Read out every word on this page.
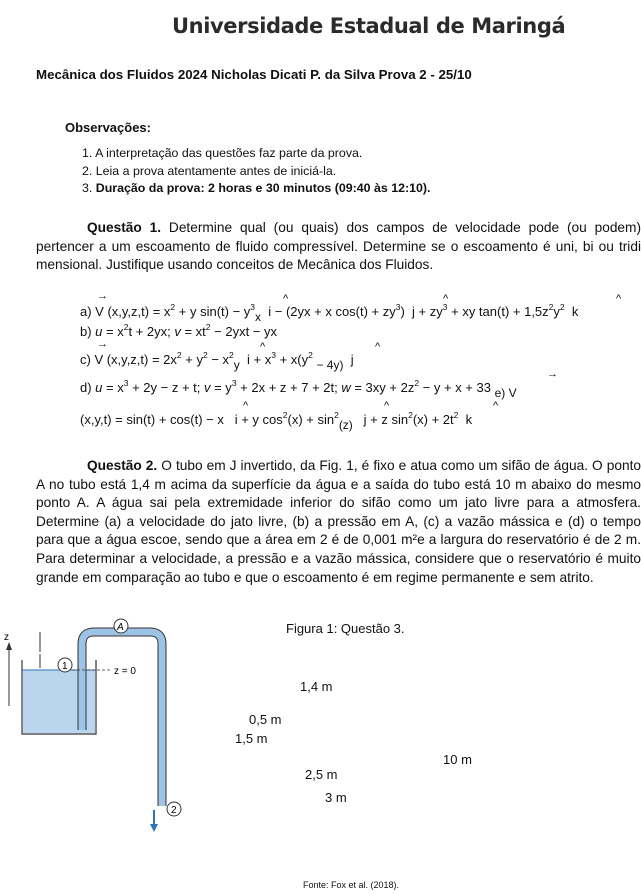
Universidade Estadual de Maringá
Mecânica dos Fluidos 2024 Nicholas Dicati P. da Silva Prova 2 - 25/10
Observações:
1. A interpretação das questões faz parte da prova.
2. Leia a prova atentamente antes de iniciá-la.
3. Duração da prova: 2 horas e 30 minutos (09:40 às 12:10).

Questão 1. Determine qual (ou quais) dos campos de velocidade pode (ou podem) pertencer a um escoamento de fluido compressível. Determine se o escoamento é uni, bi ou tridi mensional. Justifique usando conceitos de Mecânica dos Fluidos.

a) V $(x,y,z,t) = x^2 + y$ $\sin(t) - y^3x$  i − (2yx + x $\cos(t) + zy^3$)  $j + zy^3$ + xy $\tan(t) + 1,5z^2y^2$  k
→	^	^	^
b) $u = x^2t + 2yx$; $v = xt^2 - 2yxt$ − yx
c) V $(x,y,z,t) = 2x^2 + y^2 - x^2y$  $i + x^3 + x(y^2 - 4y)$  j
→	^	^
d) $u = x^3 + 2y - z + t$; $v = y^3 + 2x + z + 7 + 2t$; $w = 3xy + 2z^2 - y + x + 33$ e) V
→
(x,y,t) = sin(t) + cos(t) − x   i + y $\cos^2(x) + \sin^2(z) j + z$ $\sin^2(x) + 2t^2$  k
^	^	^

Questão 2. O tubo em J invertido, da Fig. 1, é fixo e atua como um sifão de água. O ponto A no tubo está 1,4 m acima da superfície da água e a saída do tubo está 10 m abaixo do mesmo ponto A. A água sai pela extremidade inferior do sifão como um jato livre para a atmosfera. Determine (a) a velocidade do jato livre, (b) a pressão em A, (c) a vazão mássica e (d) o tempo para que a água escoe, sendo que a área em 2 é de 0,001 m²e a largura do reservatório é de 2 m. Para determinar a velocidade, a pressão e a vazão mássica, considere que o reservatório é muito grande em comparação ao tubo e que o escoamento é em regime permanente e sem atrito.

z
1	z = 0
A
2
Figura 1: Questão 3.
1,4 m
0,5 m
1,5 m
10 m
2,5 m
3 m
Fonte: Fox et al. (2018).
